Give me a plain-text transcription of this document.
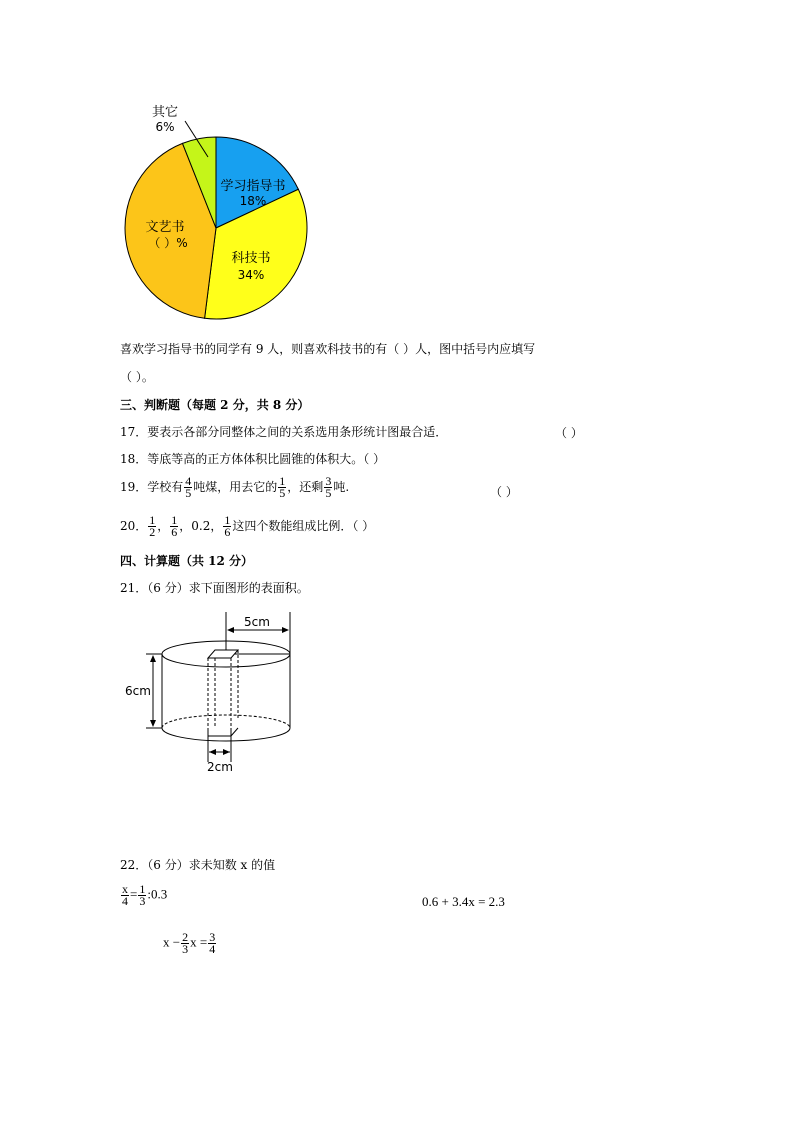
其它
6%
学习指导书
18%
文艺书
（ ）%
科技书
34%
喜欢学习指导书的同学有 9 人，则喜欢科技书的有（ ）人，图中括号内应填写
（ ）。
三、判断题（每题 2 分，共 8 分）
17．要表示各部分同整体之间的关系选用条形统计图最合适．	（ ）
18．等底等高的正方体体积比圆锥的体积大。（ ）
19．学校有 $\frac{4}{5}$ 吨煤，用去它的 $\frac{1}{5}$ ，还剩 $\frac{3}{5}$ 吨.	（ ）
20． $\frac{1}{2}$ ， $\frac{1}{6}$ ，0.2， $\frac{1}{6}$ 这四个数能组成比例．（ ）
四、计算题（共 12 分）
21．（6 分）求下面图形的表面积。
5cm
6cm
2cm
22．（6 分）求未知数 x 的值
$\frac{x}{4} = \frac{1}{3}$ :0.3
0.6 + 3.4x = 2.3
$x - \frac{2}{3}$ $x = \frac{3}{4}$
